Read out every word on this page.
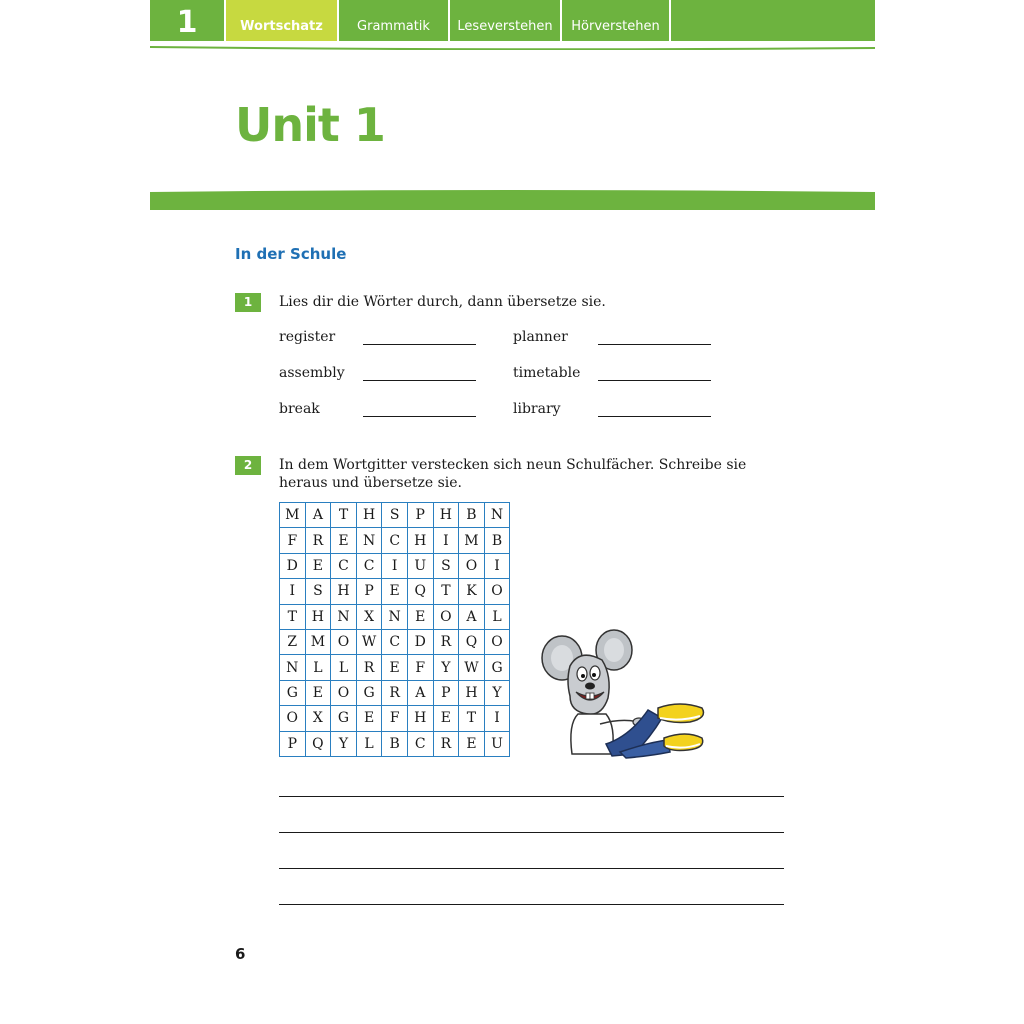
1	Wortschatz	Grammatik	Leseverstehen	Hörverstehen
Unit 1
In der Schule
1	Lies dir die Wörter durch, dann übersetze sie.
register	planner
assembly	timetable
break	library
2	In dem Wortgitter verstecken sich neun Schulfächer. Schreibe sie heraus und übersetze sie.
M	A	T	H	S	P	H	B	N
F	R	E	N	C	H	I	M	B
D	E	C	C	I	U	S	O	I
I	S	H	P	E	Q	T	K	O
T	H	N	X	N	E	O	A	L
Z	M	O	W	C	D	R	Q	O
N	L	L	R	E	F	Y	W	G
G	E	O	G	R	A	P	H	Y
O	X	G	E	F	H	E	T	I
P	Q	Y	L	B	C	R	E	U
6
